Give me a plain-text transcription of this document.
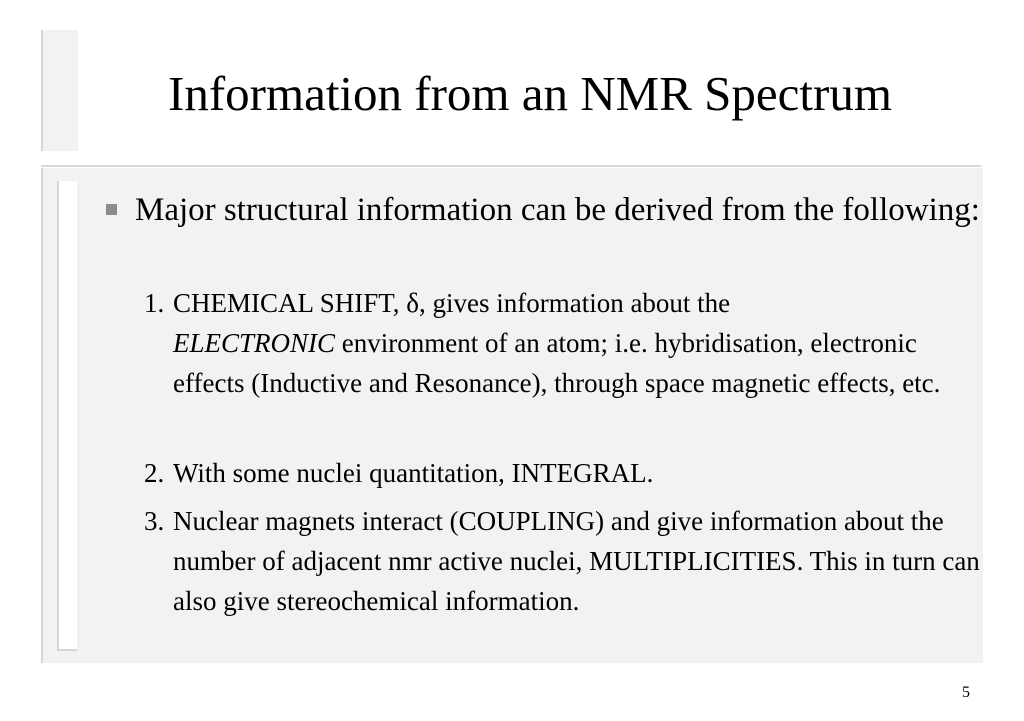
Information from an NMR Spectrum
Major structural information can be derived from the following:
1. CHEMICAL SHIFT, δ, gives information about the
ELECTRONIC environment of an atom; i.e. hybridisation, electronic effects (Inductive and Resonance), through space magnetic effects, etc.
2. With some nuclei quantitation, INTEGRAL.
3. Nuclear magnets interact (COUPLING) and give information about the number of adjacent nmr active nuclei, MULTIPLICITIES. This in turn can also give stereochemical information.
5
